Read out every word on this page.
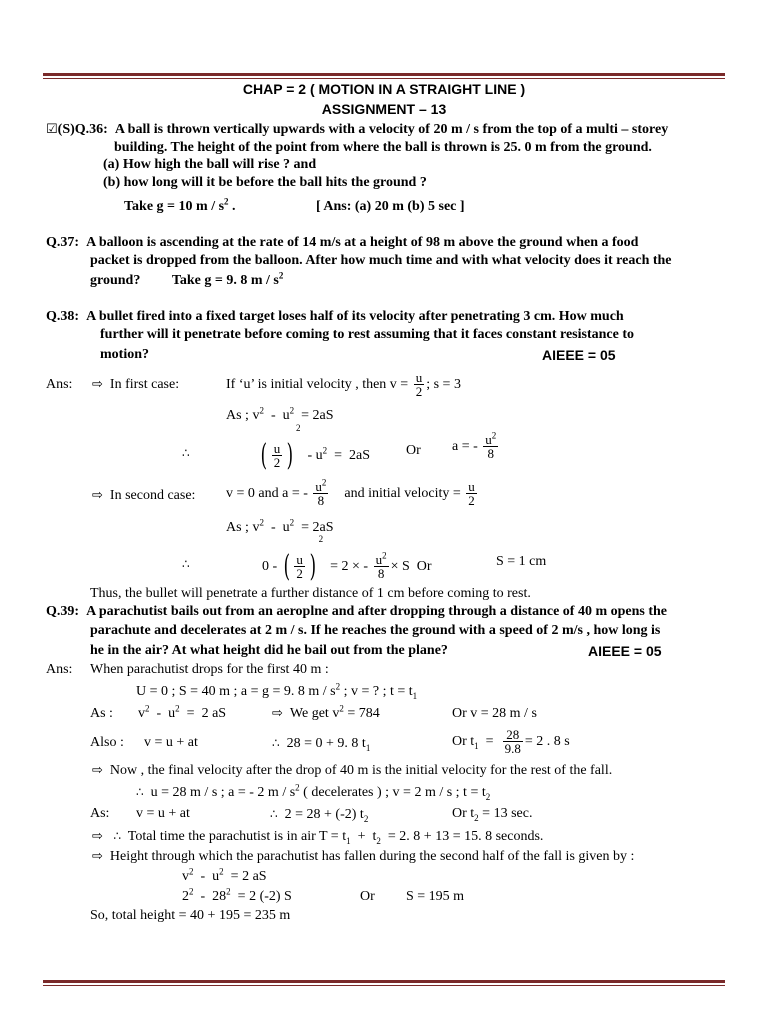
CHAP = 2 ( MOTION IN A STRAIGHT LINE )
ASSIGNMENT – 13
☑(S)Q.36: A ball is thrown vertically upwards with a velocity of 20 m / s from the top of a multi – storey
building. The height of the point from where the ball is thrown is 25. 0 m from the ground.
(a) How high the ball will rise ? and
(b) how long will it be before the ball hits the ground ?
Take g = 10 m / $s^2$ .	[ Ans: (a) 20 m (b) 5 sec ]
Q.37: A balloon is ascending at the rate of 14 m/s at a height of 98 m above the ground when a food
packet is dropped from the balloon. After how much time and with what velocity does it reach the
ground? Take g = 9. 8 m / $s^2$
Q.38: A bullet fired into a fixed target loses half of its velocity after penetrating 3 cm. How much
further will it penetrate before coming to rest assuming that it faces constant resistance to
motion?	AIEEE = 05
Ans: ⇨ In first case:	If ‘u’ is initial velocity , then $v = \frac{u}{2}$ ; s = 3
As ; $v^2 - u^2 = 2aS$
∴ ( $\frac{u}{2} )^2 - u^2 = 2aS$	Or a = - $\frac{u^2}{8}$
⇨ In second case: v = 0 and a = - $\frac{u^2}{8}$ and initial velocity = $\frac{u}{2}$
As ; $v^2 - u^2 = 2aS$
∴	0 - ( $\frac{u}{2} )^2 = 2$ × - $\frac{u^2}{8} \times S$  Or	S = 1 cm
Thus, the bullet will penetrate a further distance of 1 cm before coming to rest.
Q.39: A parachutist bails out from an aeroplne and after dropping through a distance of 40 m opens the
parachute and decelerates at 2 m / s. If he reaches the ground with a speed of 2 m/s , how long is
he in the air? At what height did he bail out from the plane?	AIEEE = 05
Ans: When parachutist drops for the first 40 m :
U = 0 ; S = 40 m ; a = g = 9. 8 m / $s^2$ ; v = ? ; $t = t_1$
As : $v^2 - u^2 = 2$ aS	⇨ We get $v^2 = 784$	Or v = 28 m / s
Also : v = u + at	∴ 28 = 0 + 9. 8 $t_1$	Or $t_1 = \frac{28}{9.8} = 2$ . 8 s
⇨ Now , the final velocity after the drop of 40 m is the initial velocity for the rest of the fall.
∴ u = 28 m / s ; a = - 2 m / $s^2$ ( decelerates ) ; v = 2 m / s ; $t = t_2$
As: v = u + at	∴ 2 = 28 + (-2) $t_2$	Or $t_2 = 13$ sec.
⇨ ∴ Total time the parachutist is in air $T = t_1 + t_2 = 2$. 8 + 13 = 15. 8 seconds.
⇨ Height through which the parachutist has fallen during the second half of the fall is given by :
$v^2 - u^2 = 2$ aS
$2^2 - 28^2 = 2$ (-2) S	Or S = 195 m
So, total height = 40 + 195 = 235 m
